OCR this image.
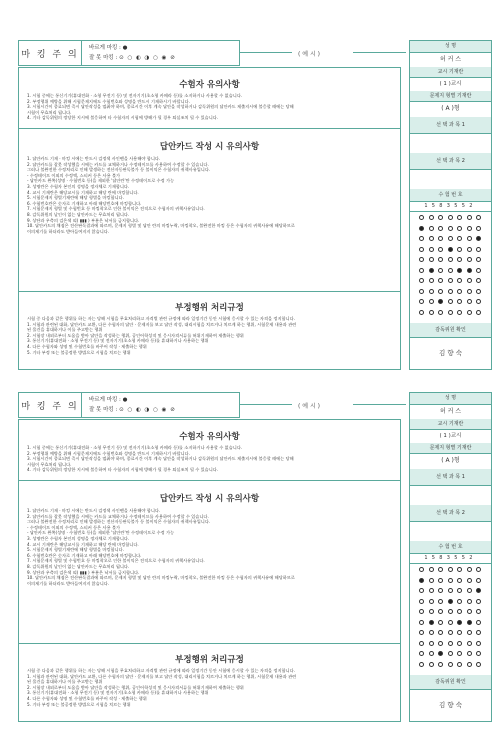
마 킹 주 의
바르게 마킹 : ●
잘 못 마킹 : ⊙ ○ ◐ ◑ ○ ◉ ⊘	( 예 시 )

수험자 유의사항

1. 시험 중에는 통신기기(휴대전화 · 소형 무전기 등) 및 전자기기(초소형 카메라 등)를 소지하거나 사용할 수 없습니다.
2. 부정행위 예방을 위해 시험문제지에도 수험번호와 성명을 반드시 기재하시기 바랍니다.
3. 시험시간이 종료되면 즉시 답안작성을 멈춰야 하며, 종료시간 이후 계속 답안을 작성하거나 감독위원의 답안카드 제출지시에 불응할 때에는 당해
시험이 무효처리 됩니다.
4. 기타 감독위원의 정당한 지시에 불응하여 타 수험자의 시험에 방해가 될 경우 퇴실조치 될 수 있습니다.

답안카드 작성 시 유의사항

1. 답안카드 기재 · 마킹 시에는 반드시 검정색 사인펜을 사용해야 합니다.
2. 답안카드를 잘못 작성했을 시에는 카드를 교체하거나 수정테이프를 사용하여 수정할 수 있습니다.
그러나 불완전한 수정처리로 인해 발생하는 전산자동판독불가 등 불이익은 수험자의 귀책사유입니다.
- 수정테이프 이외의 수정액, 스티커 등은 사용 불가
- 답안카드 왼쪽(성명 · 수험번호 등)을 제외한 '답안란'만 수정테이프로 수정 가능
3. 성명란은 수험자 본인의 성명을 정자체로 기재합니다.
4. 교시 기재란은 해당교시를 기재하고 해당 란에 마킹합니다.
5. 시험문제지 형별기재란에 해당 형별을 마킹합니다.
6. 수험번호란은 숫자로 기재하고 아래 해당번호에 마킹합니다.
7. 시험문제지 형별 및 수험번호 등 마킹착오로 인한 불이익은 전적으로 수험자의 귀책사유입니다.
8. 감독위원의 날인이 없는 답안카드는 무효처리 됩니다.
9. 상단과 우측의 검은색 띠( ▮▮▮ ) 부분은 낙서를 금지합니다.
10. 답안카드의 채점은 전산판독결과에 따르며, 문제지 형별 및 답안 란의 마킹누락, 마킹착오, 불완전한 마킹 등은 수험자의 귀책사유에 해당하므로
이의제기를 하더라도 받아들여지지 않습니다.

부정행위 처리규정

시험 중 다음과 같은 행위를 하는 자는 당해 시험을 무효처리하고 자격별 관련 규정에 따라 일정기간 동안 시험에 응시할 수 있는 자격을 정지합니다.
1. 시험과 관련된 대화, 답안카드 교환, 다른 수험자의 답안 · 문제지를 보고 답안 작성, 대리시험을 치르거나 치르게 하는 행위, 시험문제 내용과 관련
된 물건을 휴대하거나 이를 주고받는 행위
2. 시험장 내외로부터 도움을 받아 답안을 작성하는 행위, 공인어학성적 및 응시자격서류를 허위기재하여 제출하는 행위
3. 통신기기(휴대전화 · 소형 무전기 등) 및 전자기기(초소형 카메라 등)를 휴대하거나 사용하는 행위
4. 다른 수험자와 성명 및 수험번호를 바꾸어 작성 · 제출하는 행위
5. 기타 부정 또는 불공정한 방법으로 시험을 치르는 행위

성 명
허 커 스
교시 기재란
( 1 )교시
문제지 형별 기재란
( A )형
선 택 과 목 1
선 택 과 목 2
수 험 번 호
1583552
감독위원 확인
김 향 숙
마 킹 주 의
바르게 마킹 : ●
잘 못 마킹 : ⊙ ○ ◐ ◑ ○ ◉ ⊘	( 예 시 )

수험자 유의사항

1. 시험 중에는 통신기기(휴대전화 · 소형 무전기 등) 및 전자기기(초소형 카메라 등)를 소지하거나 사용할 수 없습니다.
2. 부정행위 예방을 위해 시험문제지에도 수험번호와 성명을 반드시 기재하시기 바랍니다.
3. 시험시간이 종료되면 즉시 답안작성을 멈춰야 하며, 종료시간 이후 계속 답안을 작성하거나 감독위원의 답안카드 제출지시에 불응할 때에는 당해
시험이 무효처리 됩니다.
4. 기타 감독위원의 정당한 지시에 불응하여 타 수험자의 시험에 방해가 될 경우 퇴실조치 될 수 있습니다.

답안카드 작성 시 유의사항

1. 답안카드 기재 · 마킹 시에는 반드시 검정색 사인펜을 사용해야 합니다.
2. 답안카드를 잘못 작성했을 시에는 카드를 교체하거나 수정테이프를 사용하여 수정할 수 있습니다.
그러나 불완전한 수정처리로 인해 발생하는 전산자동판독불가 등 불이익은 수험자의 귀책사유입니다.
- 수정테이프 이외의 수정액, 스티커 등은 사용 불가
- 답안카드 왼쪽(성명 · 수험번호 등)을 제외한 '답안란'만 수정테이프로 수정 가능
3. 성명란은 수험자 본인의 성명을 정자체로 기재합니다.
4. 교시 기재란은 해당교시를 기재하고 해당 란에 마킹합니다.
5. 시험문제지 형별기재란에 해당 형별을 마킹합니다.
6. 수험번호란은 숫자로 기재하고 아래 해당번호에 마킹합니다.
7. 시험문제지 형별 및 수험번호 등 마킹착오로 인한 불이익은 전적으로 수험자의 귀책사유입니다.
8. 감독위원의 날인이 없는 답안카드는 무효처리 됩니다.
9. 상단과 우측의 검은색 띠( ▮▮▮ ) 부분은 낙서를 금지합니다.
10. 답안카드의 채점은 전산판독결과에 따르며, 문제지 형별 및 답안 란의 마킹누락, 마킹착오, 불완전한 마킹 등은 수험자의 귀책사유에 해당하므로
이의제기를 하더라도 받아들여지지 않습니다.

부정행위 처리규정

시험 중 다음과 같은 행위를 하는 자는 당해 시험을 무효처리하고 자격별 관련 규정에 따라 일정기간 동안 시험에 응시할 수 있는 자격을 정지합니다.
1. 시험과 관련된 대화, 답안카드 교환, 다른 수험자의 답안 · 문제지를 보고 답안 작성, 대리시험을 치르거나 치르게 하는 행위, 시험문제 내용과 관련
된 물건을 휴대하거나 이를 주고받는 행위
2. 시험장 내외로부터 도움을 받아 답안을 작성하는 행위, 공인어학성적 및 응시자격서류를 허위기재하여 제출하는 행위
3. 통신기기(휴대전화 · 소형 무전기 등) 및 전자기기(초소형 카메라 등)를 휴대하거나 사용하는 행위
4. 다른 수험자와 성명 및 수험번호를 바꾸어 작성 · 제출하는 행위
5. 기타 부정 또는 불공정한 방법으로 시험을 치르는 행위

성 명
허 커 스
교시 기재란
( 1 )교시
문제지 형별 기재란
( A )형
선 택 과 목 1
선 택 과 목 2
수 험 번 호
1583552
감독위원 확인
김 향 숙
